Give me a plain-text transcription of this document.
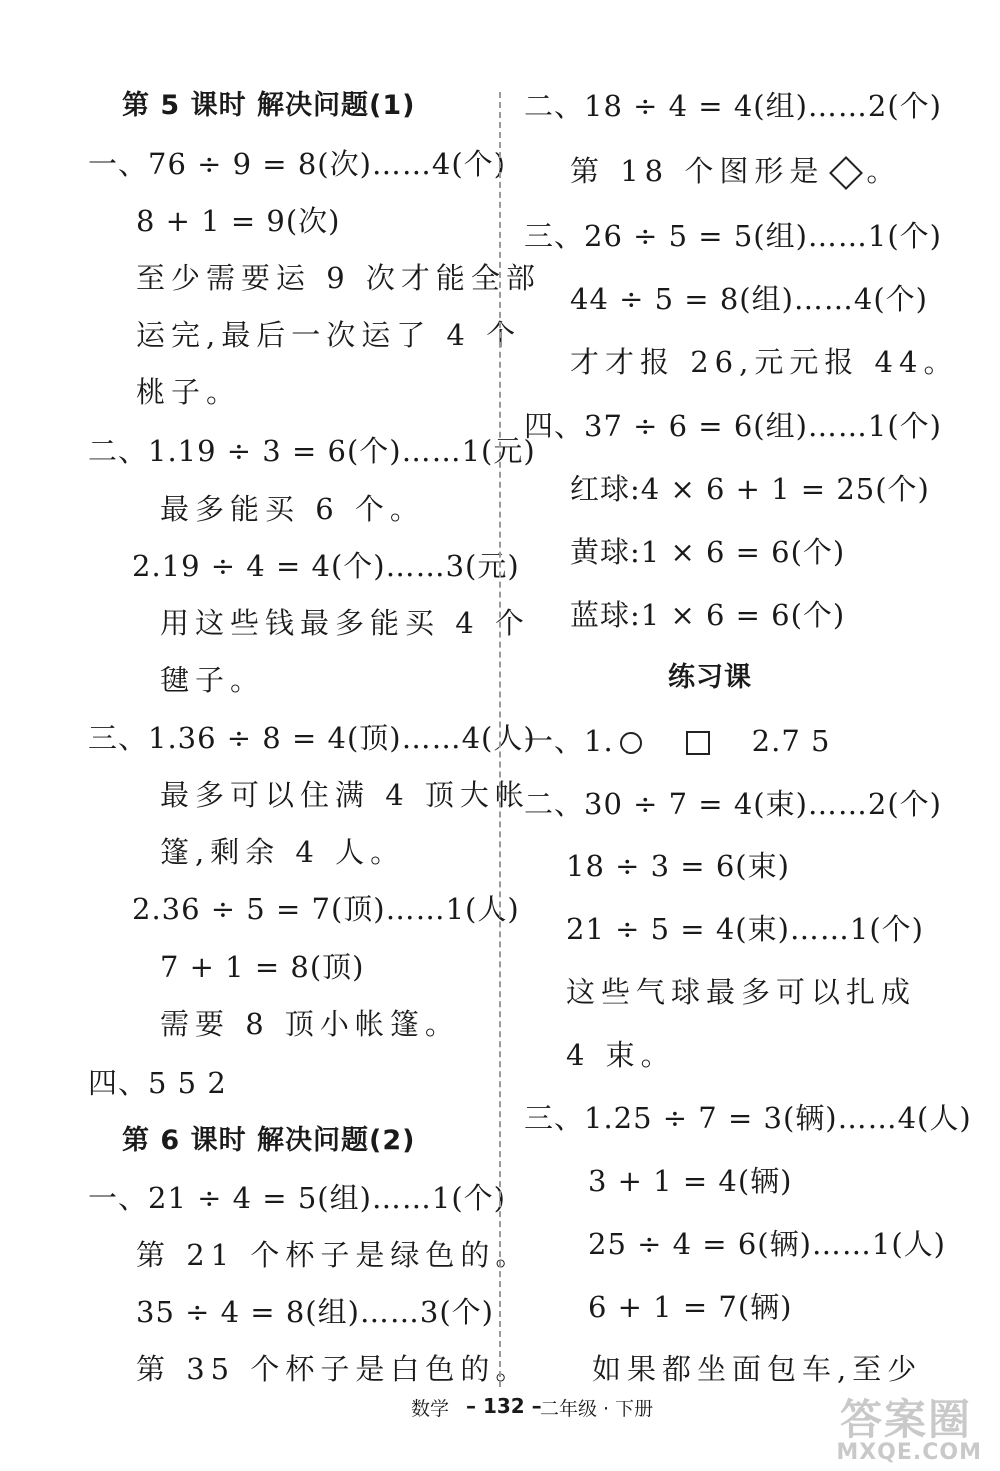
第 5 课时 解决问题(1)
一、76 ÷ 9 = 8(次)……4(个)
8 + 1 = 9(次)
至少需要运 9 次才能全部
运完,最后一次运了 4 个
桃子。
二、1.19 ÷ 3 = 6(个)……1(元)
最多能买 6 个。
2.19 ÷ 4 = 4(个)……3(元)
用这些钱最多能买 4 个
毽子。
三、1.36 ÷ 8 = 4(顶)……4(人)
最多可以住满 4 顶大帐
篷,剩余 4 人。
2.36 ÷ 5 = 7(顶)……1(人)
7 + 1 = 8(顶)
需要 8 顶小帐篷。
四、5 5 2
第 6 课时 解决问题(2)
一、21 ÷ 4 = 5(组)……1(个)
第 21 个杯子是绿色的。
35 ÷ 4 = 8(组)……3(个)
第 35 个杯子是白色的。
二、18 ÷ 4 = 4(组)……2(个)
第 18 个图形是 。
三、26 ÷ 5 = 5(组)……1(个)
44 ÷ 5 = 8(组)……4(个)
才才报 26,元元报 44。
四、37 ÷ 6 = 6(组)……1(个)
红球:4 × 6 + 1 = 25(个)
黄球:1 × 6 = 6(个)
蓝球:1 × 6 = 6(个)
练习课
一、1.	2.7 5
二、30 ÷ 7 = 4(束)……2(个)
18 ÷ 3 = 6(束)
21 ÷ 5 = 4(束)……1(个)
这些气球最多可以扎成
4 束。
三、1.25 ÷ 7 = 3(辆)……4(人)
3 + 1 = 4(辆)
25 ÷ 4 = 6(辆)……1(人)
6 + 1 = 7(辆)
如果都坐面包车,至少
数学 – 132 –
二年级 · 下册	答案圈
MXQE.COM
